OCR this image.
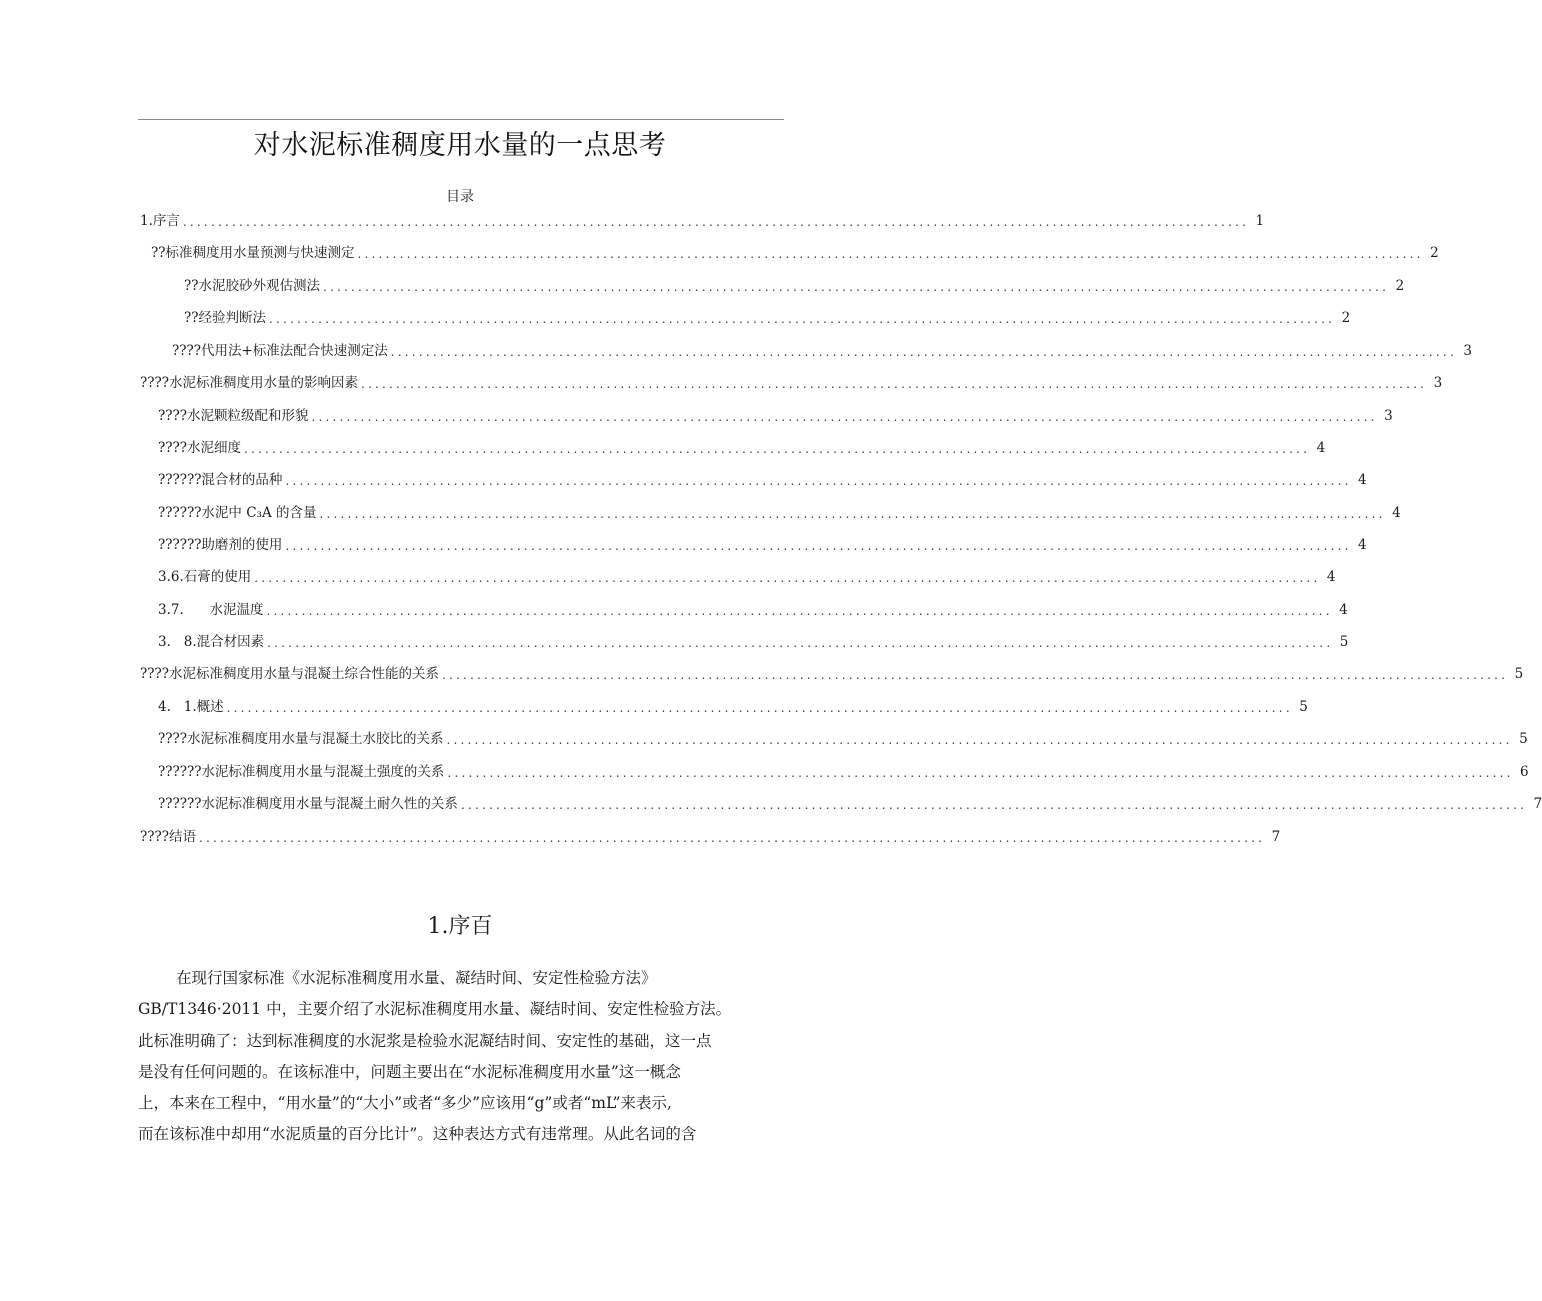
对水泥标准稠度用水量的一点思考
目录
1.序言 ........................................................................................................................................................ 1
??标准稠度用水量预测与快速测定 ........................................................................................................................................................ 2
??水泥胶砂外观估测法 ........................................................................................................................................................ 2
??经验判断法 ........................................................................................................................................................ 2
????代用法+标准法配合快速测定法 ........................................................................................................................................................ 3
????水泥标准稠度用水量的影响因素 ........................................................................................................................................................ 3
????水泥颗粒级配和形貌 ........................................................................................................................................................ 3
????水泥细度 ........................................................................................................................................................ 4
??????混合材的品种 ........................................................................................................................................................ 4
??????水泥中 C₃A 的含量 ........................................................................................................................................................ 4
??????助磨剂的使用 ........................................................................................................................................................ 4
3.6.石膏的使用 ........................................................................................................................................................ 4
3.7.      水泥温度 ........................................................................................................................................................ 4
3.   8.混合材因素 ........................................................................................................................................................ 5
????水泥标准稠度用水量与混凝土综合性能的关系 ........................................................................................................................................................ 5
4.   1.概述 ........................................................................................................................................................ 5
????水泥标准稠度用水量与混凝土水胶比的关系 ........................................................................................................................................................ 5
??????水泥标准稠度用水量与混凝土强度的关系 ........................................................................................................................................................ 6
??????水泥标准稠度用水量与混凝土耐久性的关系 ........................................................................................................................................................ 7
????结语 ........................................................................................................................................................ 7
1.序百
在现行国家标准《水泥标准稠度用水量、凝结时间、安定性检验方法》
GB/T1346·2011 中，主要介绍了水泥标准稠度用水量、凝结时间、安定性检验方法。
此标准明确了：达到标准稠度的水泥浆是检验水泥凝结时间、安定性的基础，这一点
是没有任何问题的。在该标准中，问题主要出在“水泥标准稠度用水量”这一概念
上，本来在工程中，“用水量”的“大小”或者“多少”应该用“g”或者“mL”来表示,
而在该标准中却用“水泥质量的百分比计”。这种表达方式有违常理。从此名词的含
